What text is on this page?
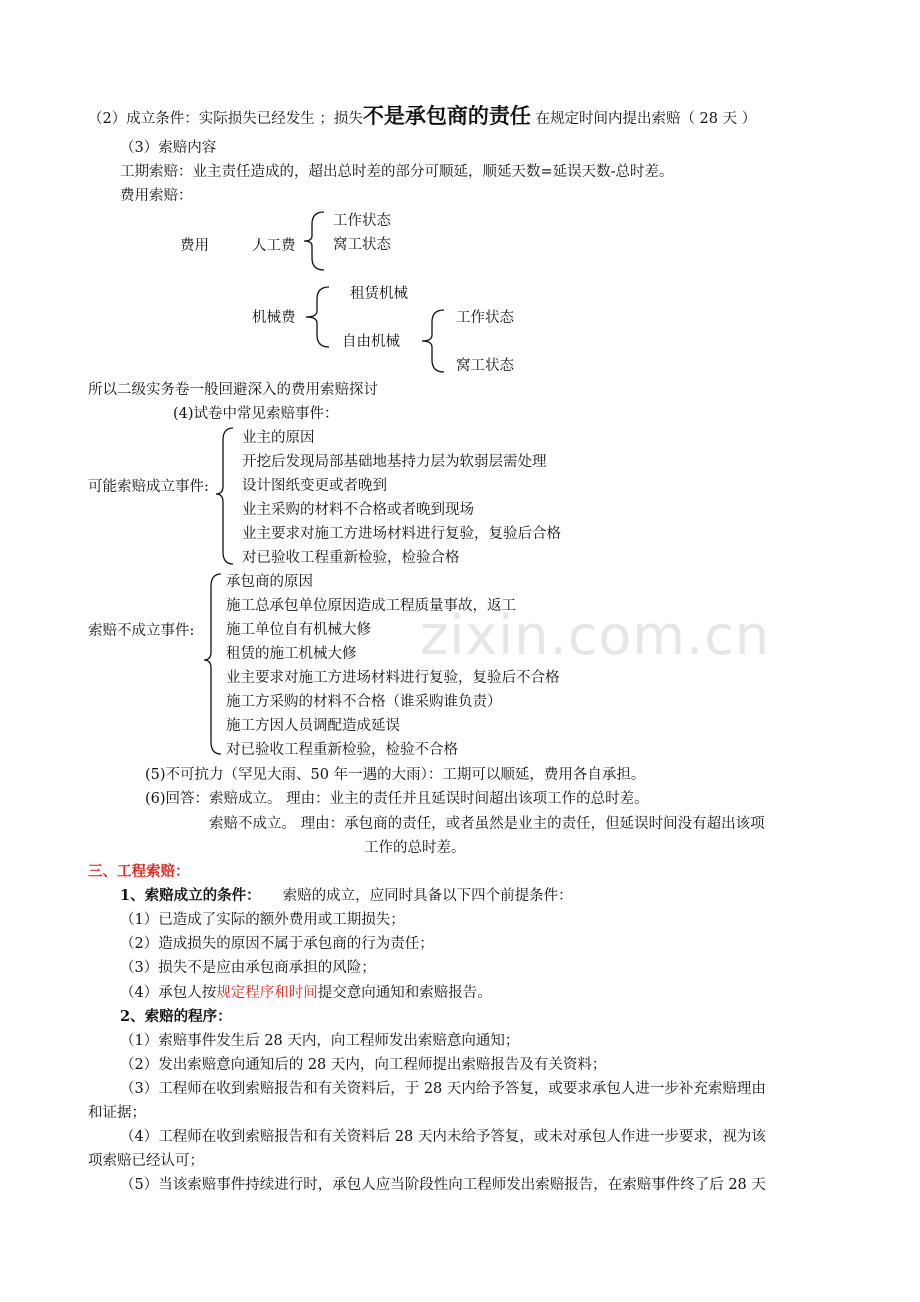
zixin.com.cn
（2）成立条件：实际损失已经发生 ；损失不是承包商的责任 在规定时间内提出索赔（ 28 天 ）
（3）索赔内容
工期索赔：业主责任造成的，超出总时差的部分可顺延，顺延天数=延误天数-总时差。
费用索赔：
费用	人工费
工作状态
窝工状态
机械费
租赁机械
自由机械
工作状态
窝工状态
所以二级实务卷一般回避深入的费用索赔探讨
(4)试卷中常见索赔事件：
可能索赔成立事件:
业主的原因
开挖后发现局部基础地基持力层为软弱层需处理
设计图纸变更或者晚到
业主采购的材料不合格或者晚到现场
业主要求对施工方进场材料进行复验，复验后合格
对已验收工程重新检验，检验合格
索赔不成立事件:
承包商的原因
施工总承包单位原因造成工程质量事故，返工
施工单位自有机械大修
租赁的施工机械大修
业主要求对施工方进场材料进行复验，复验后不合格
施工方采购的材料不合格（谁采购谁负责）
施工方因人员调配造成延误
对已验收工程重新检验，检验不合格
(5)不可抗力（罕见大雨、50 年一遇的大雨）：工期可以顺延，费用各自承担。
(6)回答：索赔成立。 理由：业主的责任并且延误时间超出该项工作的总时差。
索赔不成立。 理由：承包商的责任，或者虽然是业主的责任，但延误时间没有超出该项
工作的总时差。
三、工程索赔：
1、索赔成立的条件： 索赔的成立，应同时具备以下四个前提条件：
（1）已造成了实际的额外费用或工期损失；
（2）造成损失的原因不属于承包商的行为责任；
（3）损失不是应由承包商承担的风险；
（4）承包人按规定程序和时间提交意向通知和索赔报告。
2、索赔的程序：
（1）索赔事件发生后 28 天内，向工程师发出索赔意向通知；
（2）发出索赔意向通知后的 28 天内，向工程师提出索赔报告及有关资料；
（3）工程师在收到索赔报告和有关资料后，于 28 天内给予答复，或要求承包人进一步补充索赔理由
和证据；
（4）工程师在收到索赔报告和有关资料后 28 天内未给予答复，或未对承包人作进一步要求，视为该
项索赔已经认可；
（5）当该索赔事件持续进行时，承包人应当阶段性向工程师发出索赔报告，在索赔事件终了后 28 天
